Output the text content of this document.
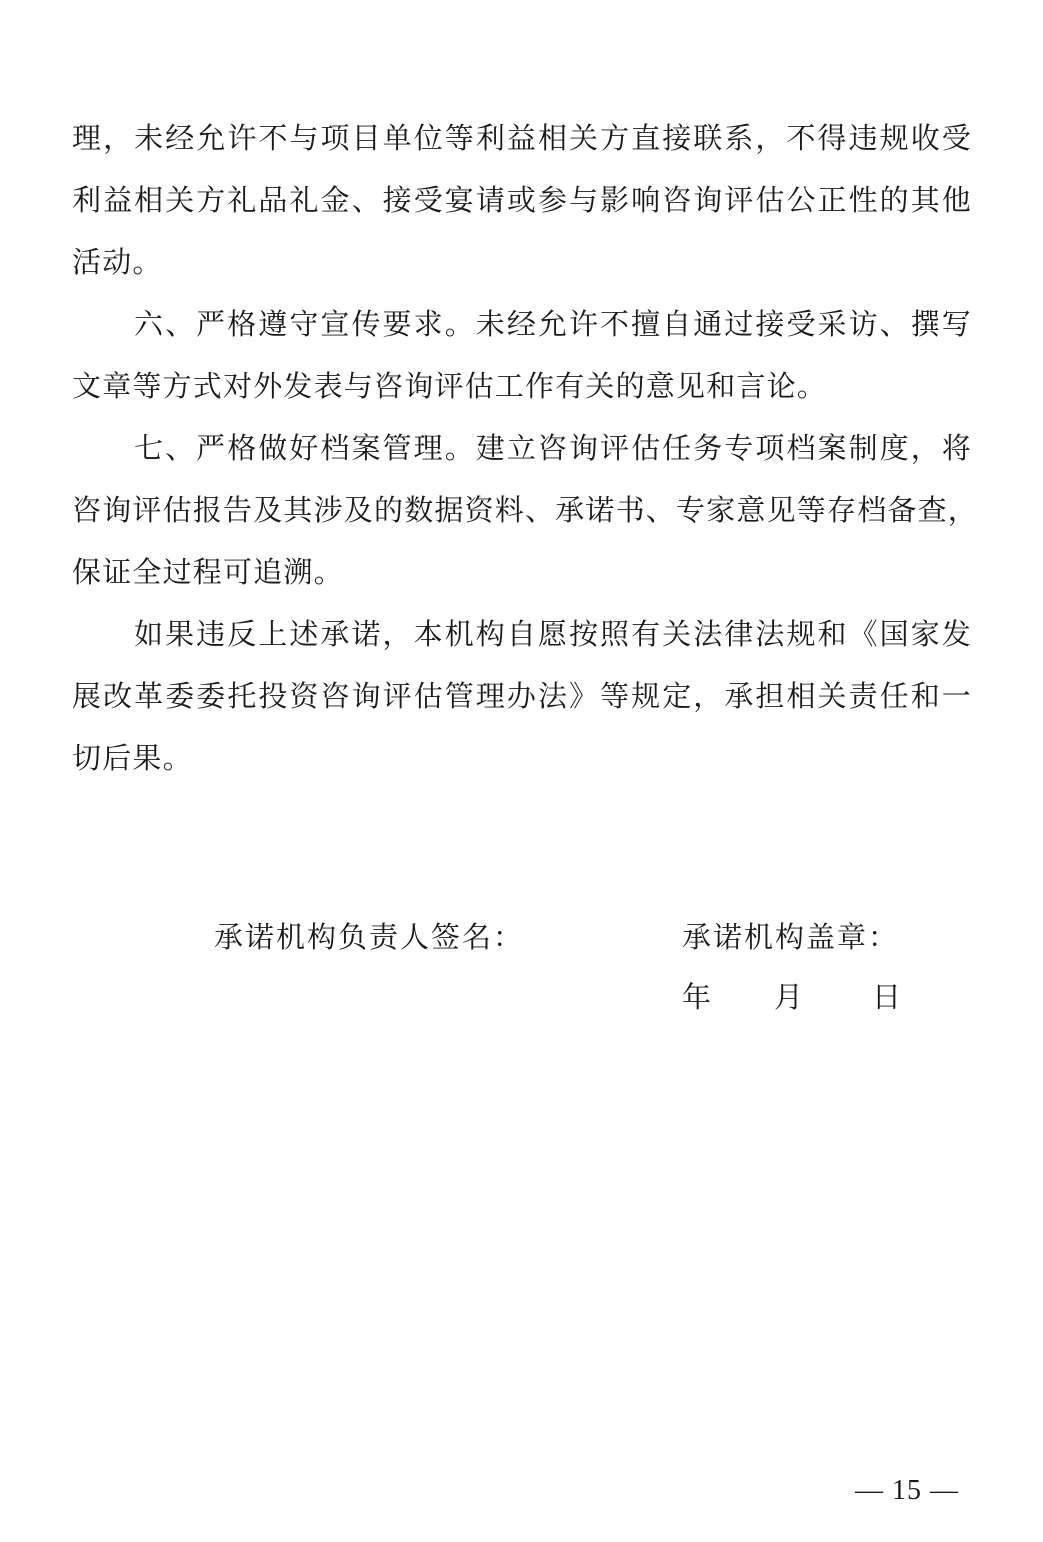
理，未经允许不与项目单位等利益相关方直接联系，不得违规收受
利益相关方礼品礼金、接受宴请或参与影响咨询评估公正性的其他
活动。
六、严格遵守宣传要求。未经允许不擅自通过接受采访、撰写
文章等方式对外发表与咨询评估工作有关的意见和言论。
七、严格做好档案管理。建立咨询评估任务专项档案制度，将
咨询评估报告及其涉及的数据资料、承诺书、专家意见等存档备查，
保证全过程可追溯。
如果违反上述承诺，本机构自愿按照有关法律法规和《国家发
展改革委委托投资咨询评估管理办法》等规定，承担相关责任和一
切后果。
承诺机构负责人签名：	承诺机构盖章：
年 月 日
— 15 —
